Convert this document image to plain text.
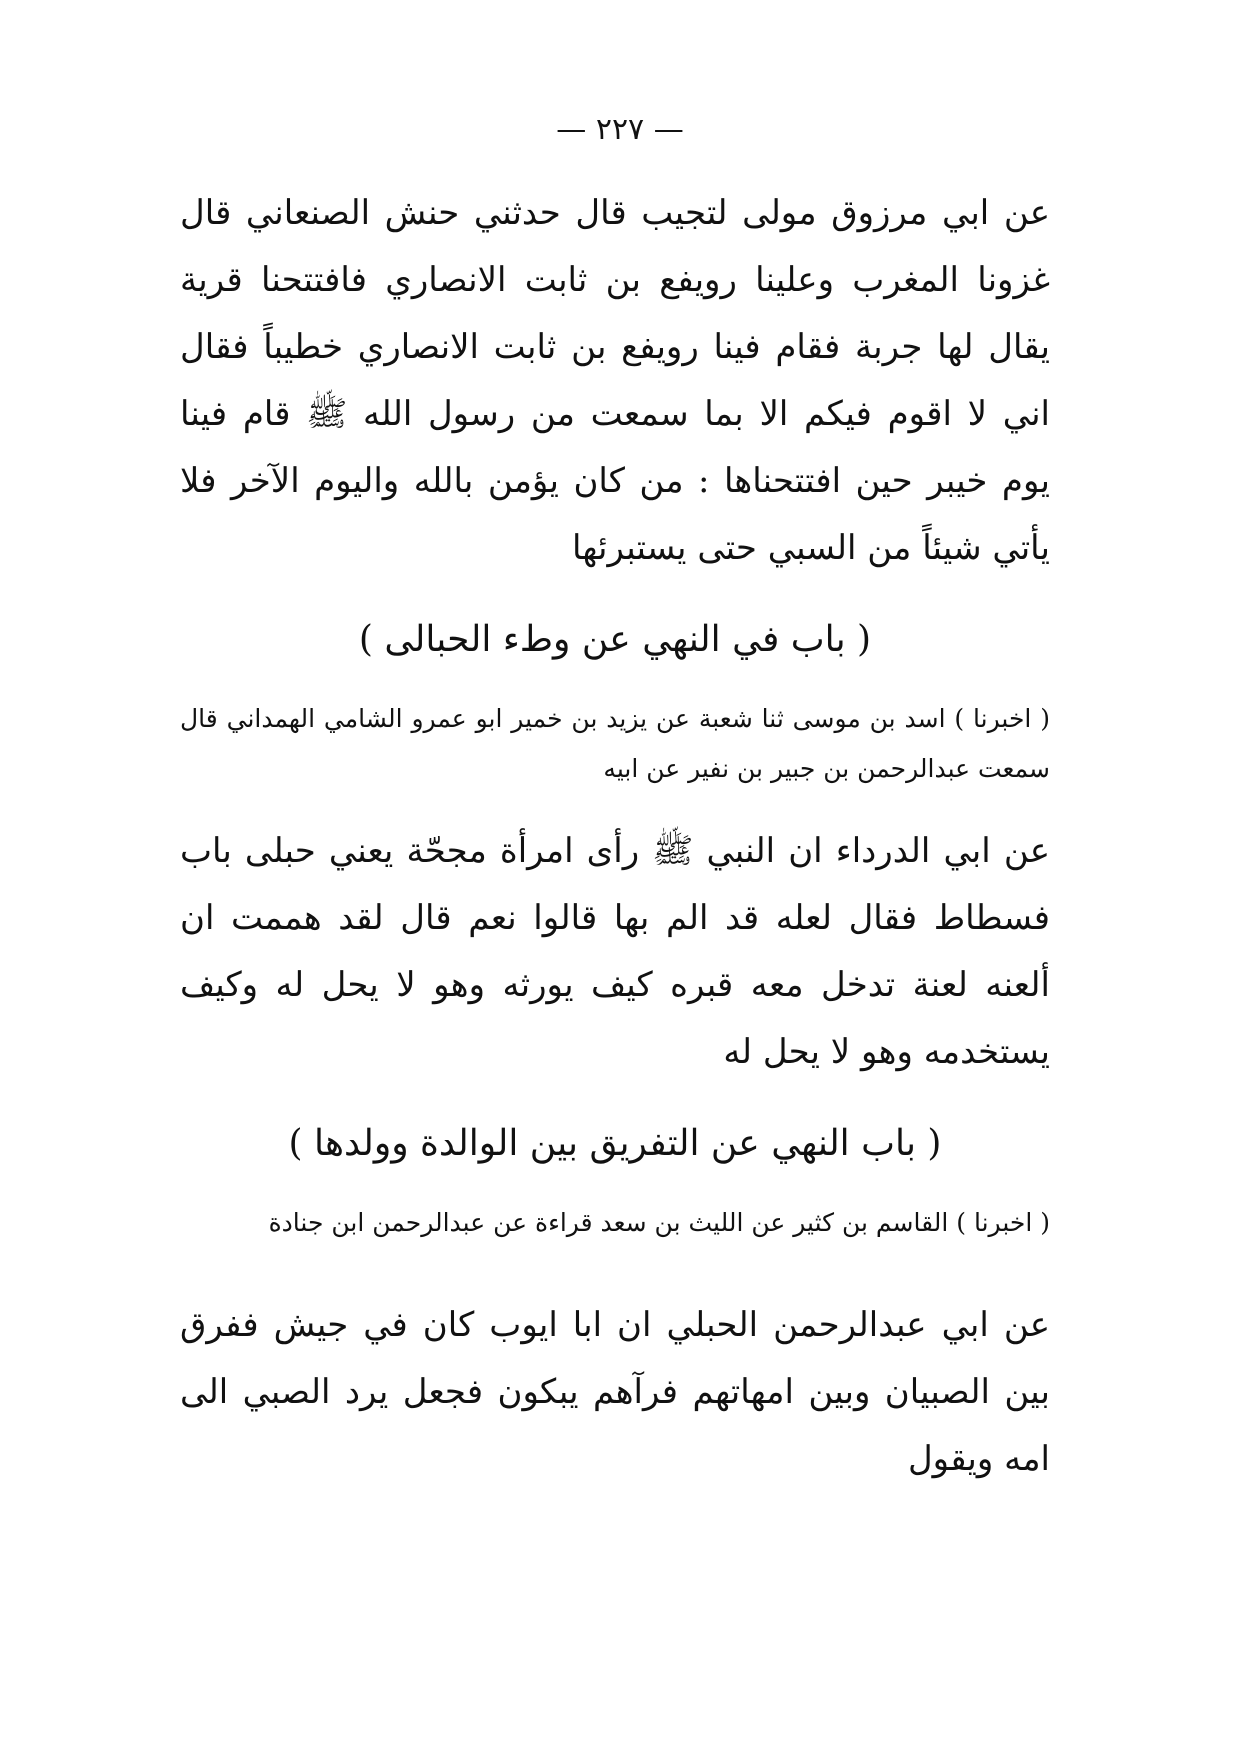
— ٢٢٧ —

عن ابي مرزوق مولى لتجيب قال حدثني حنش الصنعاني قال غزونا المغرب وعلينا رويفع بن ثابت الانصاري فافتتحنا قرية يقال لها جربة فقام فينا رويفع بن ثابت الانصاري خطيباً فقال اني لا اقوم فيكم الا بما سمعت من رسول الله ﷺ قام فينا يوم خيبر حين افتتحناها : من كان يؤمن بالله واليوم الآخر فلا يأتي شيئاً من السبي حتى يستبرئها

( باب في النهي عن وطء الحبالى )

( اخبرنا ) اسد بن موسى ثنا شعبة عن يزيد بن خمير ابو عمرو الشامي الهمداني قال سمعت عبدالرحمن بن جبير بن نفير عن ابيه

عن ابي الدرداء ان النبي ﷺ رأى امرأة مجحّة يعني حبلى باب فسطاط فقال لعله قد الم بها قالوا نعم قال لقد هممت ان ألعنه لعنة تدخل معه قبره كيف يورثه وهو لا يحل له وكيف يستخدمه وهو لا يحل له

( باب النهي عن التفريق بين الوالدة وولدها )

( اخبرنا ) القاسم بن كثير عن الليث بن سعد قراءة عن عبدالرحمن ابن جنادة

عن ابي عبدالرحمن الحبلي ان ابا ايوب كان في جيش ففرق بين الصبيان وبين امهاتهم فرآهم يبكون فجعل يرد الصبي الى امه ويقول
